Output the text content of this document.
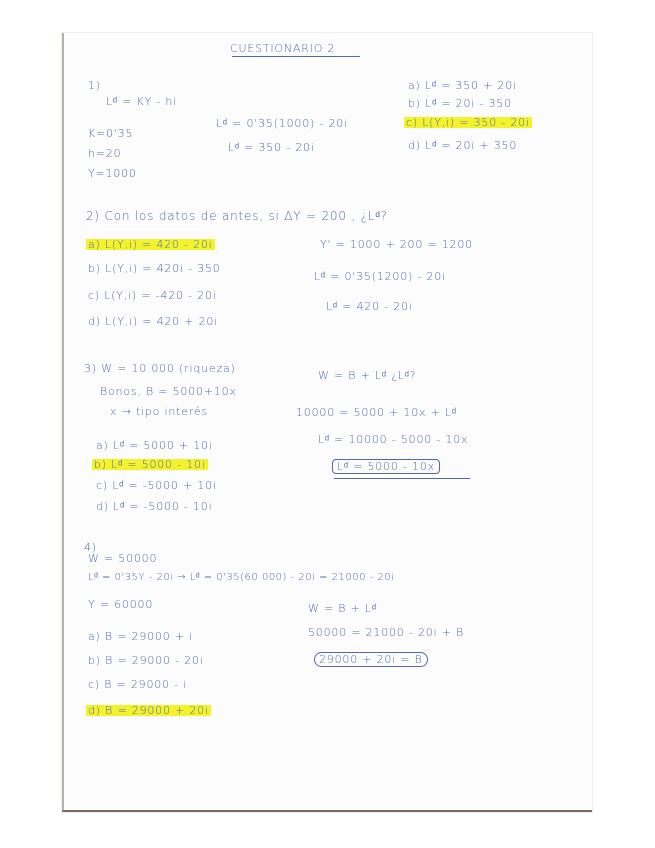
CUESTIONARIO 2
1)
Lᵈ = KY - hi
K=0'35
h=20
Y=1000
Lᵈ = 0'35(1000) - 20i
Lᵈ = 350 - 20i
a) Lᵈ = 350 + 20i
b) Lᵈ = 20i - 350
c) L(Y,i) = 350 - 20i
d) Lᵈ = 20i + 350
2) Con los datos de antes, si ΔY = 200 , ¿Lᵈ?
a) L(Y,i) = 420 - 20i
b) L(Y,i) = 420i - 350
c) L(Y,i) = -420 - 20i
d) L(Y,i) = 420 + 20i
Y' = 1000 + 200 = 1200
Lᵈ = 0'35(1200) - 20i
Lᵈ = 420 - 20i
3) W = 10 000 (riqueza)
Bonos, B = 5000+10x
x → tipo interés
a) Lᵈ = 5000 + 10i
b) Lᵈ = 5000 - 10i
c) Lᵈ = -5000 + 10i
d) Lᵈ = -5000 - 10i
W = B + Lᵈ ¿Lᵈ?
10000 = 5000 + 10x + Lᵈ
Lᵈ = 10000 - 5000 - 10x
Lᵈ = 5000 - 10x
4)
W = 50000
Lᵈ = 0'35Y - 20i → Lᵈ = 0'35(60 000) - 20i = 21000 - 20i
Y = 60000	W = B + Lᵈ
50000 = 21000 - 20i + B
29000 + 20i = B
a) B = 29000 + i
b) B = 29000 - 20i
c) B = 29000 - i
d) B = 29000 + 20i
